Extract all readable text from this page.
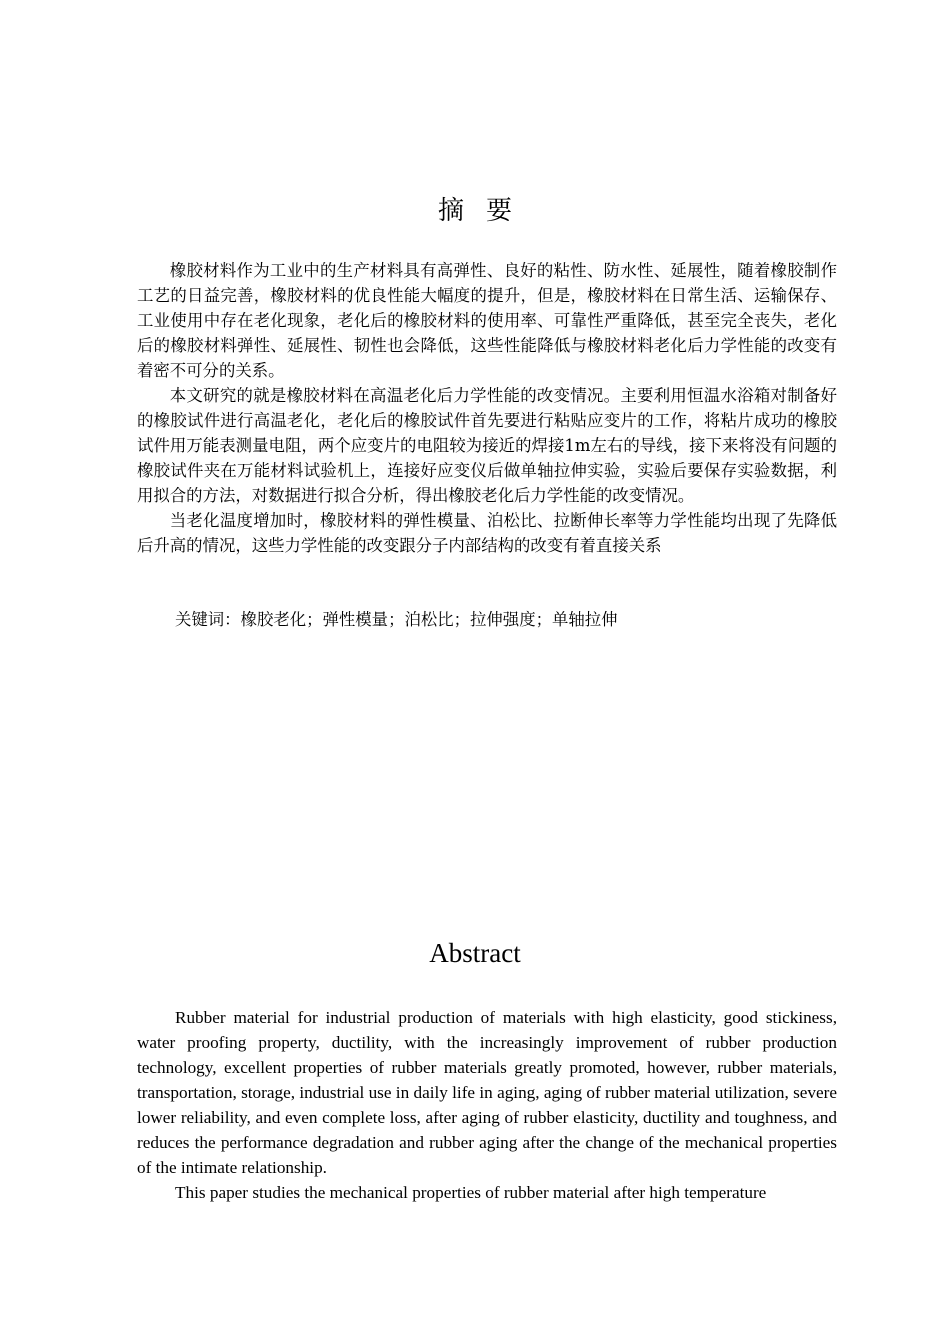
摘要

橡胶材料作为工业中的生产材料具有高弹性、良好的粘性、防水性、延展性，随着橡胶制作工艺的日益完善，橡胶材料的优良性能大幅度的提升，但是，橡胶材料在日常生活、运输保存、工业使用中存在老化现象，老化后的橡胶材料的使用率、可靠性严重降低，甚至完全丧失，老化后的橡胶材料弹性、延展性、韧性也会降低，这些性能降低与橡胶材料老化后力学性能的改变有着密不可分的关系。

本文研究的就是橡胶材料在高温老化后力学性能的改变情况。主要利用恒温水浴箱对制备好的橡胶试件进行高温老化，老化后的橡胶试件首先要进行粘贴应变片的工作，将粘片成功的橡胶试件用万能表测量电阻，两个应变片的电阻较为接近的焊接1m左右的导线，接下来将没有问题的橡胶试件夹在万能材料试验机上，连接好应变仪后做单轴拉伸实验，实验后要保存实验数据，利用拟合的方法，对数据进行拟合分析，得出橡胶老化后力学性能的改变情况。

当老化温度增加时，橡胶材料的弹性模量、泊松比、拉断伸长率等力学性能均出现了先降低后升高的情况，这些力学性能的改变跟分子内部结构的改变有着直接关系

关键词：橡胶老化；弹性模量；泊松比；拉伸强度；单轴拉伸
Abstract

Rubber material for industrial production of materials with high elasticity, good stickiness, water proofing property, ductility, with the increasingly improvement of rubber production technology, excellent properties of rubber materials greatly promoted, however, rubber materials, transportation, storage, industrial use in daily life in aging, aging of rubber material utilization, severe lower reliability, and even complete loss, after aging of rubber elasticity, ductility and toughness, and reduces the performance degradation and rubber aging after the change of the mechanical properties of the intimate relationship.

This paper studies the mechanical properties of rubber material after high temperature
